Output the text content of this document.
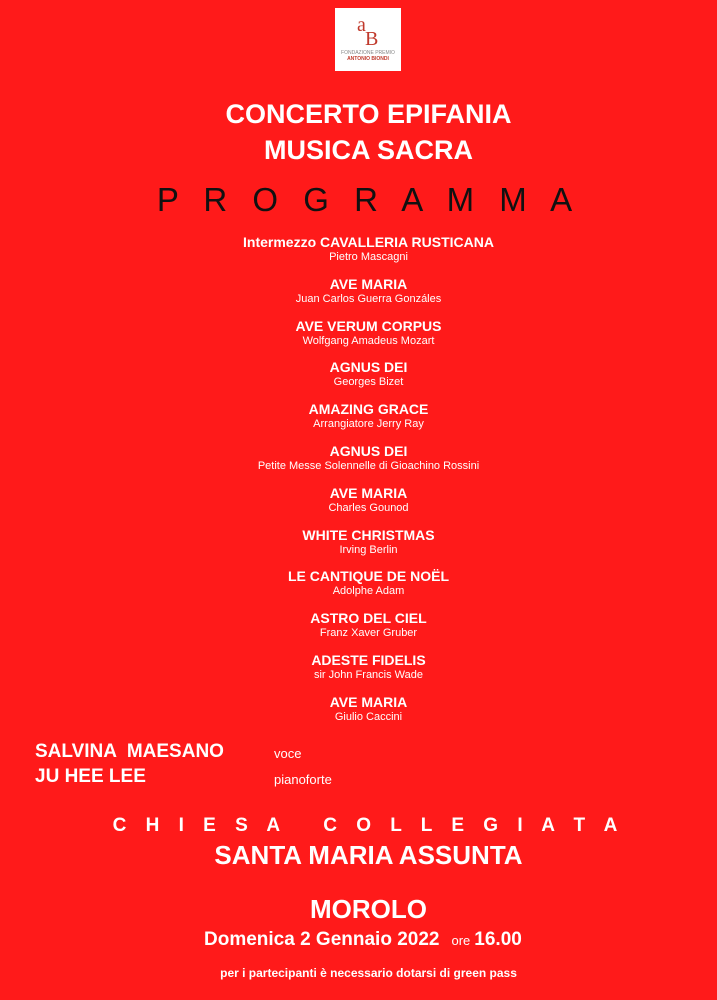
a
B
FONDAZIONE PREMIO
ANTONIO BIONDI
CONCERTO EPIFANIA
MUSICA SACRA
P R O G R A M M A
Intermezzo CAVALLERIA RUSTICANA
Pietro Mascagni
AVE MARIA
Juan Carlos Guerra Gonzáles
AVE VERUM CORPUS
Wolfgang Amadeus Mozart
AGNUS DEI
Georges Bizet
AMAZING GRACE
Arrangiatore Jerry Ray
AGNUS DEI
Petite Messe Solennelle di Gioachino Rossini
AVE MARIA
Charles Gounod
WHITE CHRISTMAS
Irving Berlin
LE CANTIQUE DE NOËL
Adolphe Adam
ASTRO DEL CIEL
Franz Xaver Gruber
ADESTE FIDELIS
sir John Francis Wade
AVE MARIA
Giulio Caccini
SALVINA  MAESANO	voce
JU HEE LEE	pianoforte
C H I E S A   C O L L E G I A T A
SANTA MARIA ASSUNTA
MOROLO
Domenica 2 Gennaio 2022 ore 16.00
per i partecipanti è necessario dotarsi di green pass
